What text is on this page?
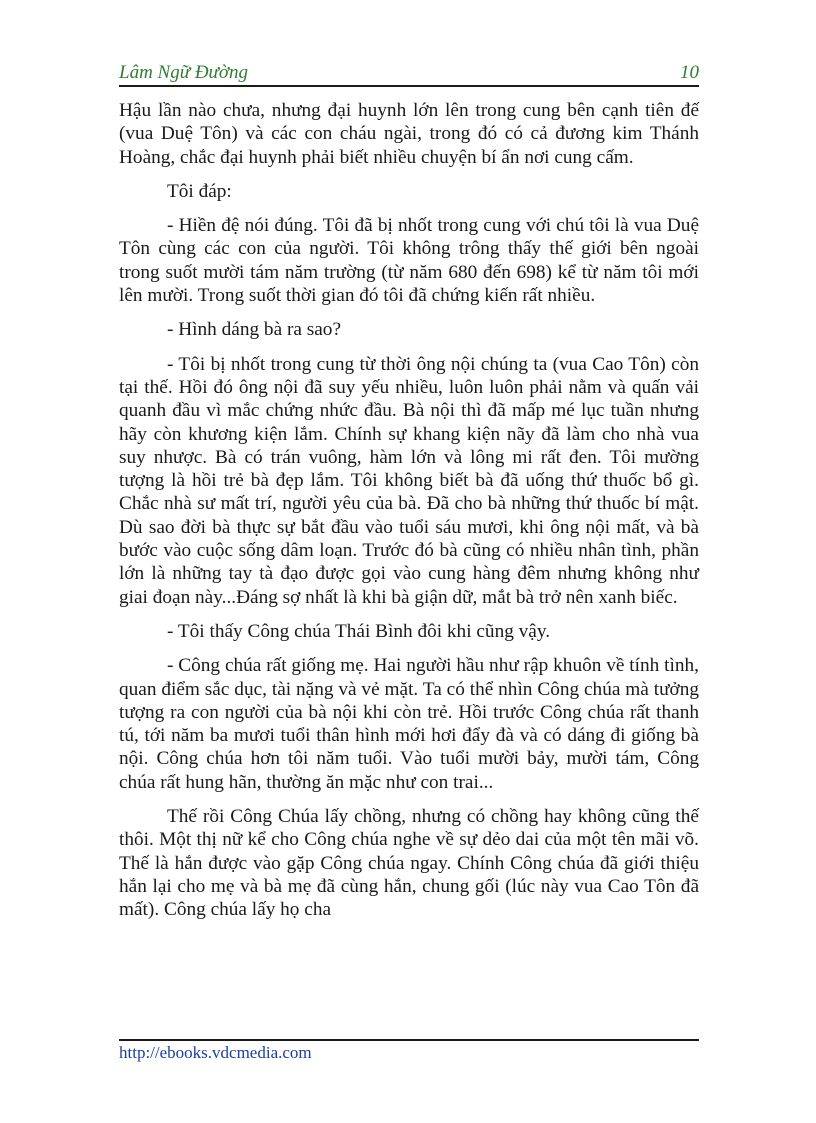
Lâm Ngữ Đường	10

Hậu lần nào chưa, nhưng đại huynh lớn lên trong cung bên cạnh tiên đế (vua Duệ Tôn) và các con cháu ngài, trong đó có cả đương kim Thánh Hoàng, chắc đại huynh phải biết nhiều chuyện bí ẩn nơi cung cấm.

Tôi đáp:

- Hiền đệ nói đúng. Tôi đã bị nhốt trong cung với chú tôi là vua Duệ Tôn cùng các con của người. Tôi không trông thấy thế giới bên ngoài trong suốt mười tám năm trường (từ năm 680 đến 698) kể từ năm tôi mới lên mười. Trong suốt thời gian đó tôi đã chứng kiến rất nhiều.

- Hình dáng bà ra sao?

- Tôi bị nhốt trong cung từ thời ông nội chúng ta (vua Cao Tôn) còn tại thế. Hồi đó ông nội đã suy yếu nhiều, luôn luôn phải nằm và quấn vải quanh đầu vì mắc chứng nhức đầu. Bà nội thì đã mấp mé lục tuần nhưng hãy còn khương kiện lắm. Chính sự khang kiện nãy đã làm cho nhà vua suy nhược. Bà có trán vuông, hàm lớn và lông mi rất đen. Tôi mường tượng là hồi trẻ bà đẹp lắm. Tôi không biết bà đã uống thứ thuốc bổ gì. Chắc nhà sư mất trí, người yêu của bà. Đã cho bà những thứ thuốc bí mật. Dù sao đời bà thực sự bắt đầu vào tuổi sáu mươi, khi ông nội mất, và bà bước vào cuộc sống dâm loạn. Trước đó bà cũng có nhiều nhân tình, phần lớn là những tay tà đạo được gọi vào cung hàng đêm nhưng không như giai đoạn này...Đáng sợ nhất là khi bà giận dữ, mắt bà trở nên xanh biếc.

- Tôi thấy Công chúa Thái Bình đôi khi cũng vậy.

- Công chúa rất giống mẹ. Hai người hầu như rập khuôn về tính tình, quan điểm sắc dục, tài nặng và vẻ mặt. Ta có thể nhìn Công chúa mà tưởng tượng ra con người của bà nội khi còn trẻ. Hồi trước Công chúa rất thanh tú, tới năm ba mươi tuổi thân hình mới hơi đẩy đà và có dáng đi giống bà nội. Công chúa hơn tôi năm tuổi. Vào tuổi mười bảy, mười tám, Công chúa rất hung hãn, thường ăn mặc như con trai...

Thế rồi Công Chúa lấy chồng, nhưng có chồng hay không cũng thế thôi. Một thị nữ kể cho Công chúa nghe về sự dẻo dai của một tên mãi võ. Thế là hắn được vào gặp Công chúa ngay. Chính Công chúa đã giới thiệu hắn lại cho mẹ và bà mẹ đã cùng hắn, chung gối (lúc này vua Cao Tôn đã mất). Công chúa lấy họ cha

http://ebooks.vdcmedia.com
